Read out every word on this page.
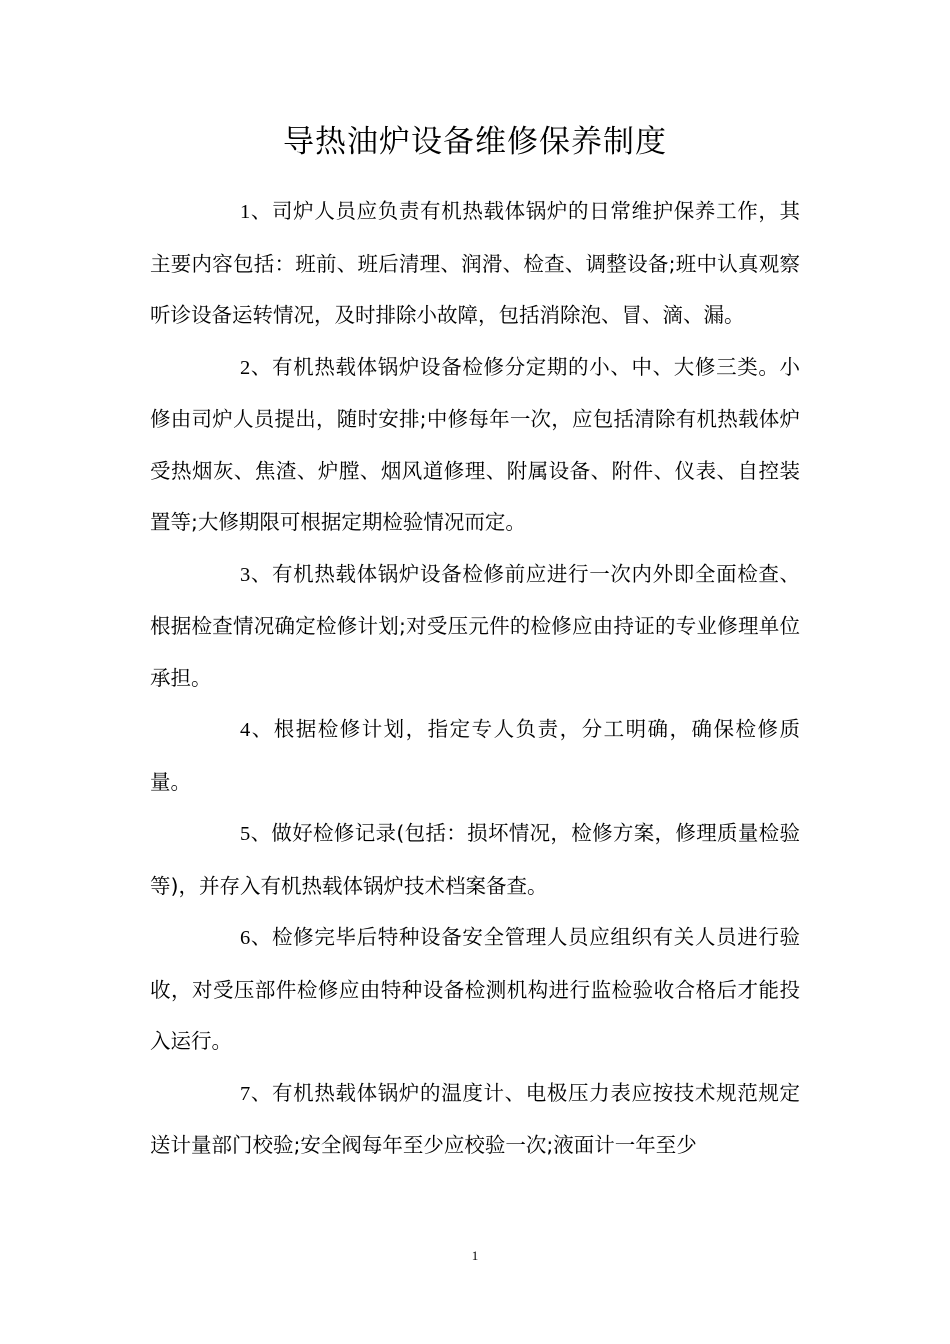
导热油炉设备维修保养制度

1、司炉人员应负责有机热载体锅炉的日常维护保养工作，其主要内容包括：班前、班后清理、润滑、检查、调整设备;班中认真观察听诊设备运转情况，及时排除小故障，包括消除泡、冒、滴、漏。

2、有机热载体锅炉设备检修分定期的小、中、大修三类。小修由司炉人员提出，随时安排;中修每年一次，应包括清除有机热载体炉受热烟灰、焦渣、炉膛、烟风道修理、附属设备、附件、仪表、自控装置等;大修期限可根据定期检验情况而定。

3、有机热载体锅炉设备检修前应进行一次内外即全面检查、根据检查情况确定检修计划;对受压元件的检修应由持证的专业修理单位承担。

4、根据检修计划，指定专人负责，分工明确，确保检修质量。

5、做好检修记录(包括：损坏情况，检修方案，修理质量检验等)，并存入有机热载体锅炉技术档案备查。

6、检修完毕后特种设备安全管理人员应组织有关人员进行验收，对受压部件检修应由特种设备检测机构进行监检验收合格后才能投入运行。

7、有机热载体锅炉的温度计、电极压力表应按技术规范规定送计量部门校验;安全阀每年至少应校验一次;液面计一年至少

1
